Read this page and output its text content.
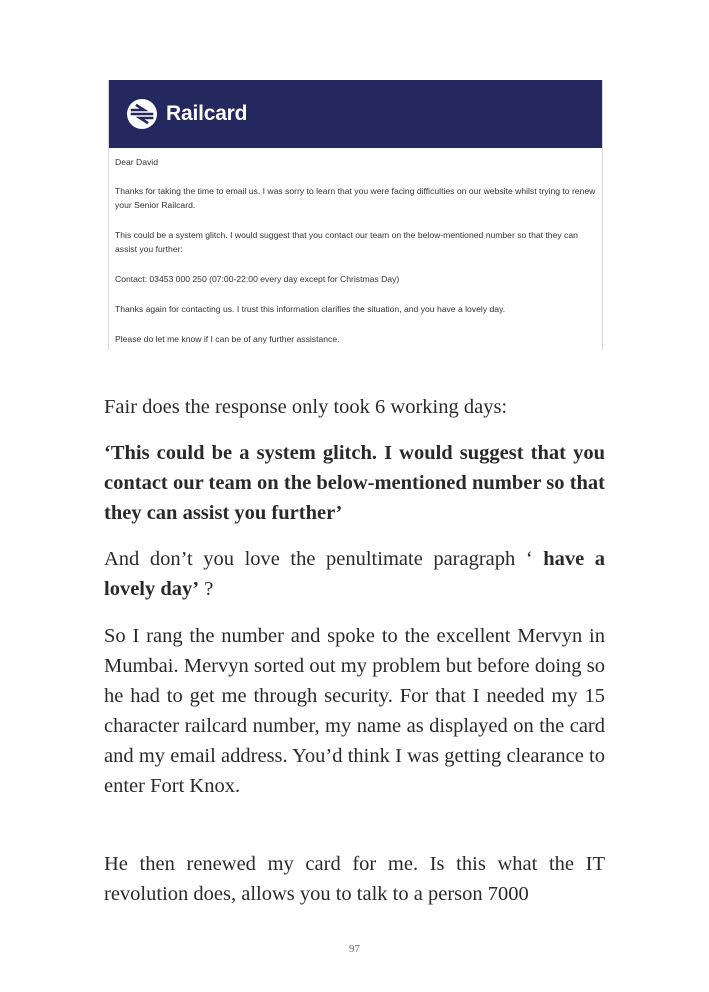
Railcard

Dear David

Thanks for taking the time to email us. I was sorry to learn that you were facing difficulties on our website whilst trying to renew your Senior Railcard.

This could be a system glitch. I would suggest that you contact our team on the below-mentioned number so that they can assist you further:

Contact: 03453 000 250 (07:00-22:00 every day except for Christmas Day)

Thanks again for contacting us. I trust this information clarifies the situation, and you have a lovely day.

Please do let me know if I can be of any further assistance.

Fair does the response only took 6 working days:

‘This could be a system glitch. I would suggest that you contact our team on the below-mentioned number so that they can assist you further’

And don’t you love the penultimate paragraph ‘ have a lovely day’ ?

So I rang the number and spoke to the excellent Mervyn in Mumbai. Mervyn sorted out my problem but before doing so he had to get me through security. For that I needed my 15 character railcard number, my name as displayed on the card and my email address. You’d think I was getting clearance to enter Fort Knox.

He then renewed my card for me. Is this what the IT revolution does, allows you to talk to a person 7000

97
